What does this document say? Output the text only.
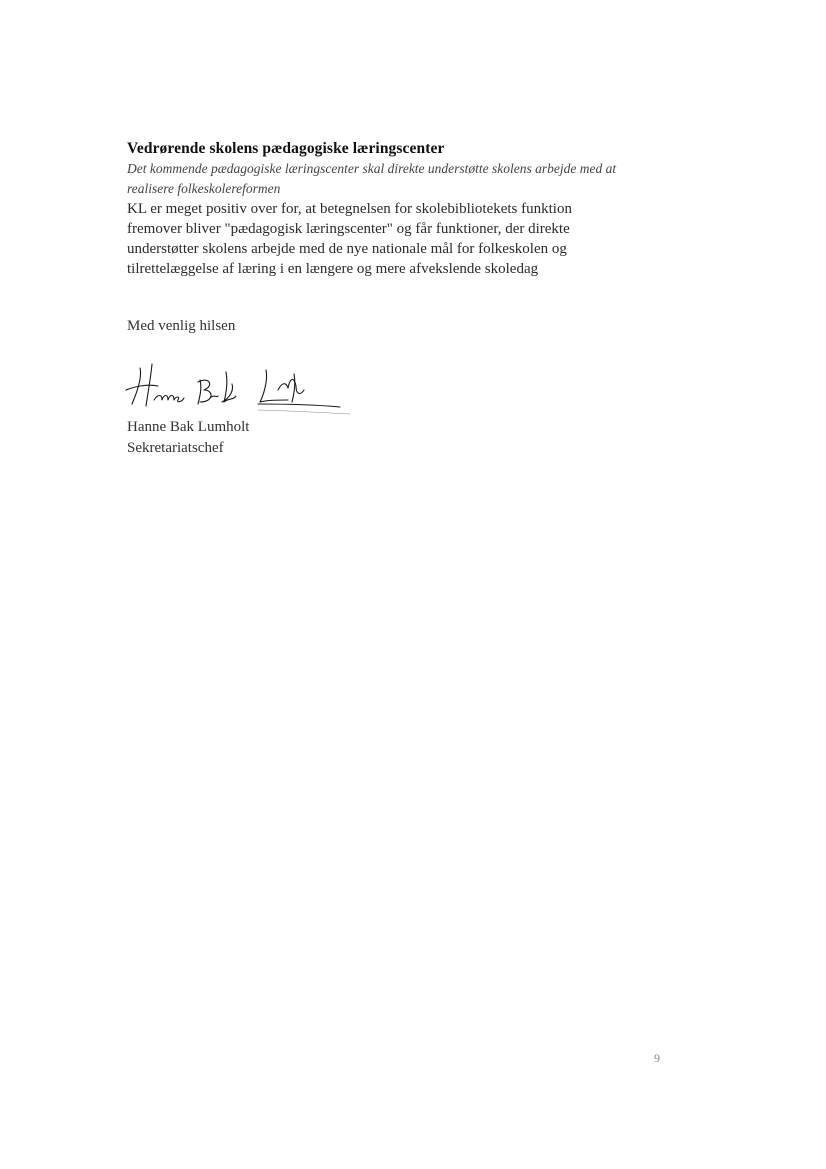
Vedrørende skolens pædagogiske læringscenter

Det kommende pædagogiske læringscenter skal direkte understøtte skolens arbejde med at realisere folkeskolereformen

KL er meget positiv over for, at betegnelsen for skolebibliotekets funktion fremover bliver "pædagogisk læringscenter" og får funktioner, der direkte understøtter skolens arbejde med de nye nationale mål for folkeskolen og tilrettelæggelse af læring i en længere og mere afvekslende skoledag

Med venlig hilsen

Hanne Bak Lumholt
Sekretariatschef
9
